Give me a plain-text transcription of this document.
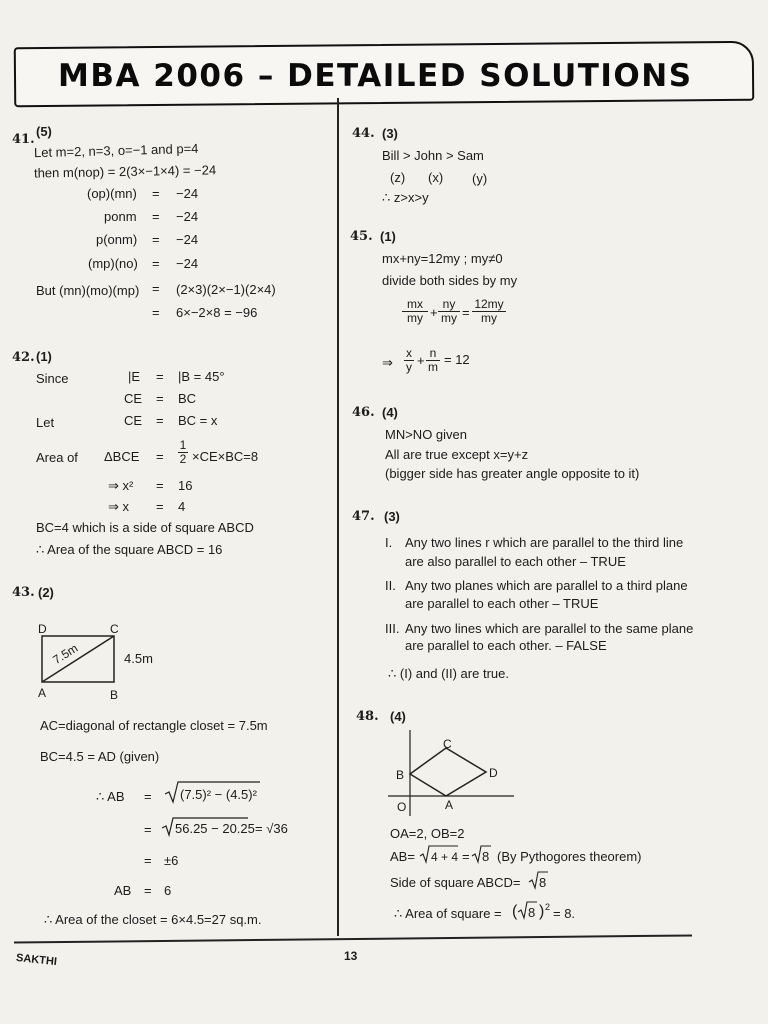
MBA 2006 – DETAILED SOLUTIONS
41.
(5)
Let m=2, n=3, o=−1 and p=4
then m(nop) = 2(3×−1×4) = −24
(op)(mn) = −24
ponm = −24
p(onm) = −24
(mp)(no) = −24
But (mn)(mo)(mp) = (2×3)(2×−1)(2×4)
= 6×−2×8 = −96
42. (1)
Since	|E = |B = 45°
CE = BC
Let	CE = BC = x
Area of $\Delta BCE = \frac{1}{2} \times CE\times BC=8$
⇒ x² = 16
⇒ x = 4
BC=4 which is a side of square ABCD
∴ Area of the square ABCD = 16
43. (2)
D	C
A	B
7.5m	4.5m
AC=diagonal of rectangle closet = 7.5m
BC=4.5 = AD (given)
∴ AB = (7.5)² − (4.5)²
= 56.25 − 20.25 = √36
= ±6
AB = 6
∴ Area of the closet = 6×4.5=27 sq.m.
44. (3)
Bill > John > Sam
(z) (x) (y)
∴ z>x>y
45. (1)
mx+ny=12my ; my≠0
divide both sides by my
$\frac{mx}{my} + \frac{ny}{my} = \frac{12my}{my}$
⇒ $\frac{x}{y} + \frac{n}{m} = 12$
46. (4)
MN>NO given
All are true except x=y+z
(bigger side has greater angle opposite to it)
47. (3)
I. Any two lines r which are parallel to the third line
are also parallel to each other – TRUE
II. Any two planes which are parallel to a third plane
are parallel to each other – TRUE
III. Any two lines which are parallel to the same plane
are parallel to each other. – FALSE
∴ (I) and (II) are true.
48. (4)
C
B	D
O	A
OA=2, OB=2
AB= 4 + 4 = 8 (By Pythogores theorem)
Side of square ABCD= 8
∴ Area of square = ( 8 ) 2 = 8.
SAKTHI	13
